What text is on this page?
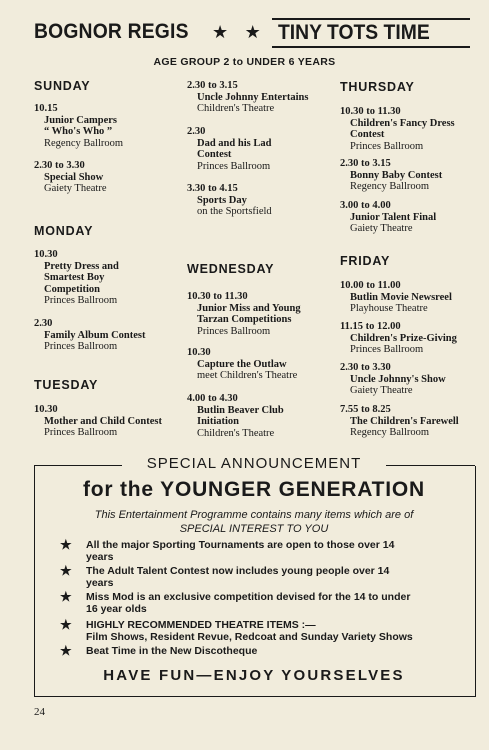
BOGNOR REGIS ★ ★ TINY TOTS TIME
AGE GROUP 2 to UNDER 6 YEARS
SUNDAY
10.15
Junior Campers
“ Who's Who ”
Regency Ballroom
2.30 to 3.30
Special Show
Gaiety Theatre
MONDAY
10.30
Pretty Dress and
Smartest Boy
Competition
Princes Ballroom
2.30
Family Album Contest
Princes Ballroom
TUESDAY
10.30
Mother and Child Contest
Princes Ballroom
2.30 to 3.15
Uncle Johnny Entertains
Children's Theatre
2.30
Dad and his Lad
Contest
Princes Ballroom
3.30 to 4.15
Sports Day
on the Sportsfield
WEDNESDAY
10.30 to 11.30
Junior Miss and Young
Tarzan Competitions
Princes Ballroom
10.30
Capture the Outlaw
meet Children's Theatre
4.00 to 4.30
Butlin Beaver Club
Initiation
Children's Theatre
THURSDAY
10.30 to 11.30
Children's Fancy Dress
Contest
Princes Ballroom
2.30 to 3.15
Bonny Baby Contest
Regency Ballroom
3.00 to 4.00
Junior Talent Final
Gaiety Theatre
FRIDAY
10.00 to 11.00
Butlin Movie Newsreel
Playhouse Theatre
11.15 to 12.00
Children's Prize-Giving
Princes Ballroom
2.30 to 3.30
Uncle Johnny's Show
Gaiety Theatre
7.55 to 8.25
The Children's Farewell
Regency Ballroom
SPECIAL ANNOUNCEMENT
for the YOUNGER GENERATION
This Entertainment Programme contains many items which are of
SPECIAL INTEREST TO YOU
★	All the major Sporting Tournaments are open to those over 14
years
★	The Adult Talent Contest now includes young people over 14
years
★	Miss Mod is an exclusive competition devised for the 14 to under
16 year olds
★	HIGHLY RECOMMENDED THEATRE ITEMS :—
Film Shows, Resident Revue, Redcoat and Sunday Variety Shows
★	Beat Time in the New Discotheque
HAVE FUN—ENJOY YOURSELVES
24
